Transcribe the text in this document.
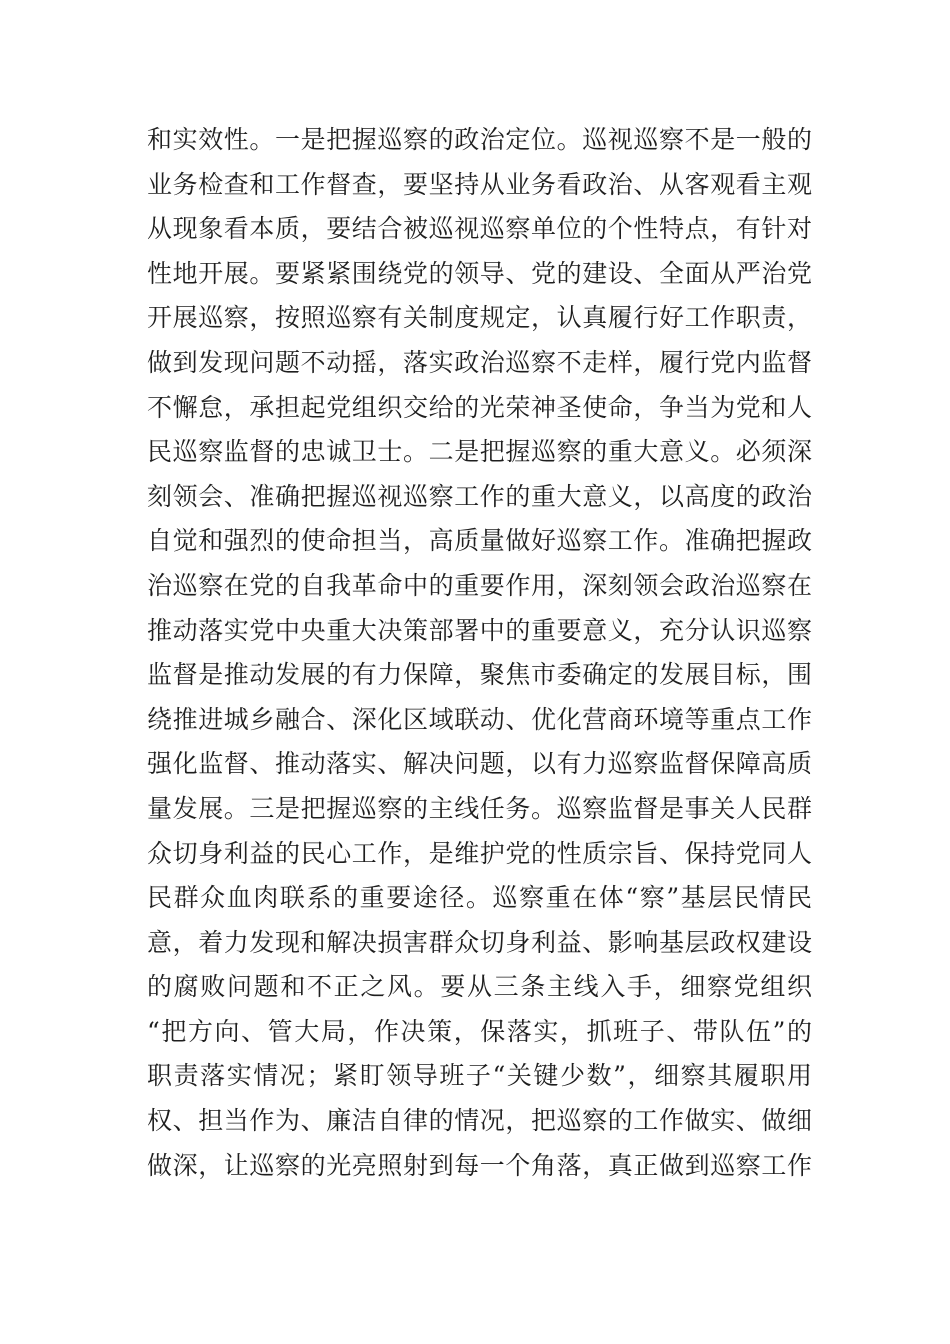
和实效性。一是把握巡察的政治定位。巡视巡察不是一般的
业务检查和工作督查，要坚持从业务看政治、从客观看主观
从现象看本质，要结合被巡视巡察单位的个性特点，有针对
性地开展。要紧紧围绕党的领导、党的建设、全面从严治党
开展巡察，按照巡察有关制度规定，认真履行好工作职责，
做到发现问题不动摇，落实政治巡察不走样，履行党内监督
不懈怠，承担起党组织交给的光荣神圣使命，争当为党和人
民巡察监督的忠诚卫士。二是把握巡察的重大意义。必须深
刻领会、准确把握巡视巡察工作的重大意义，以高度的政治
自觉和强烈的使命担当，高质量做好巡察工作。准确把握政
治巡察在党的自我革命中的重要作用，深刻领会政治巡察在
推动落实党中央重大决策部署中的重要意义，充分认识巡察
监督是推动发展的有力保障，聚焦市委确定的发展目标，围
绕推进城乡融合、深化区域联动、优化营商环境等重点工作
强化监督、推动落实、解决问题，以有力巡察监督保障高质
量发展。三是把握巡察的主线任务。巡察监督是事关人民群
众切身利益的民心工作，是维护党的性质宗旨、保持党同人
民群众血肉联系的重要途径。巡察重在体“察”基层民情民
意，着力发现和解决损害群众切身利益、影响基层政权建设
的腐败问题和不正之风。要从三条主线入手，细察党组织
“把方向、管大局，作决策，保落实，抓班子、带队伍”的
职责落实情况；紧盯领导班子“关键少数”，细察其履职用
权、担当作为、廉洁自律的情况，把巡察的工作做实、做细
做深，让巡察的光亮照射到每一个角落，真正做到巡察工作
